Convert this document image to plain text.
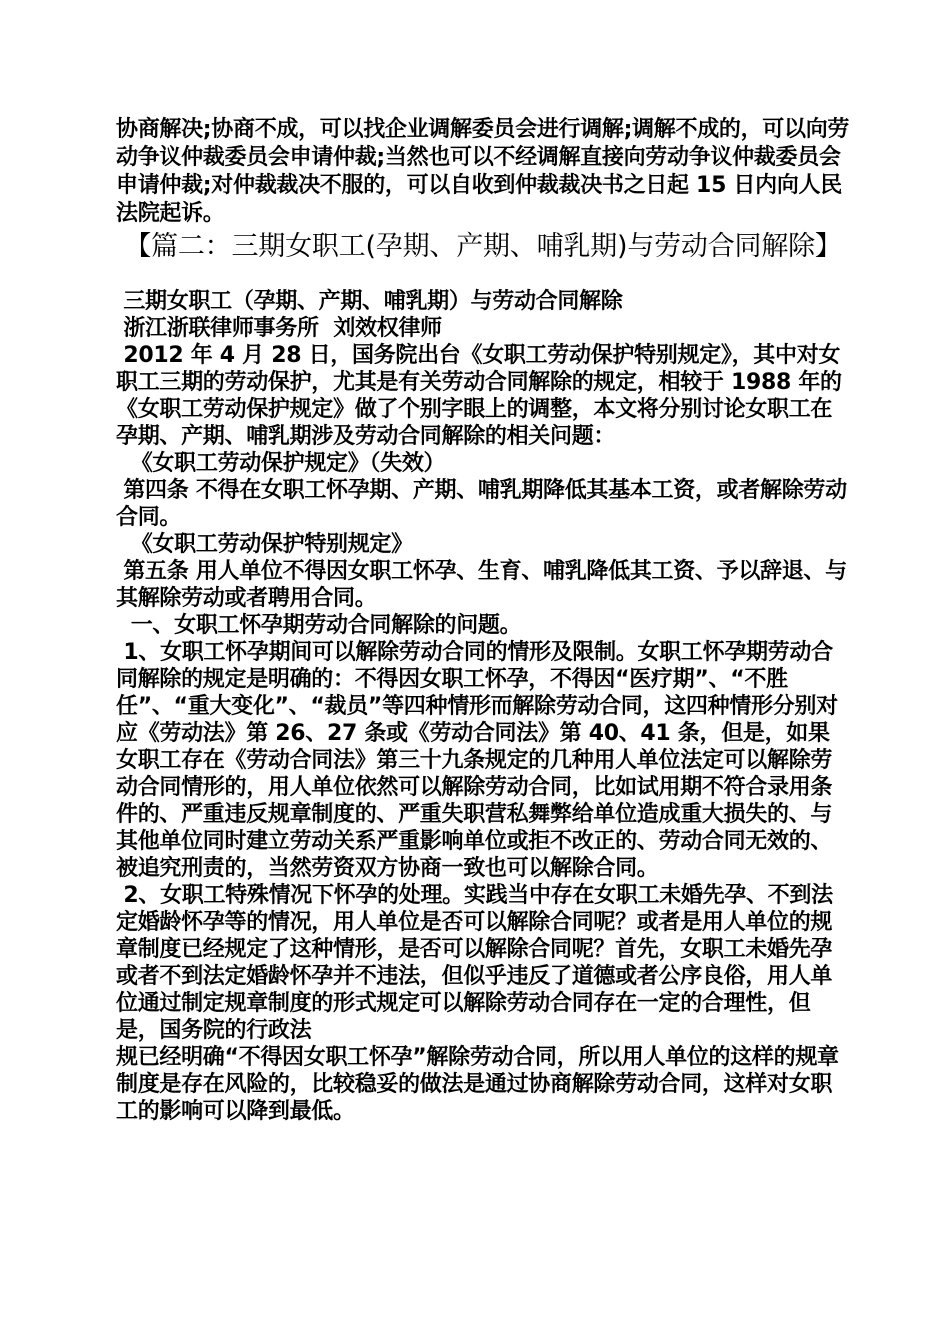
协商解决;协商不成，可以找企业调解委员会进行调解;调解不成的，可以向劳动争议仲裁委员会申请仲裁;当然也可以不经调解直接向劳动争议仲裁委员会申请仲裁;对仲裁裁决不服的，可以自收到仲裁裁决书之日起 15 日内向人民法院起诉。

【篇二：三期女职工(孕期、产期、哺乳期)与劳动合同解除】

三期女职工（孕期、产期、哺乳期）与劳动合同解除

浙江浙联律师事务所  刘效权律师

2012 年 4 月 28 日，国务院出台《女职工劳动保护特别规定》，其中对女职工三期的劳动保护，尤其是有关劳动合同解除的规定，相较于 1988 年的《女职工劳动保护规定》做了个别字眼上的调整，本文将分别讨论女职工在孕期、产期、哺乳期涉及劳动合同解除的相关问题：

《女职工劳动保护规定》（失效）

第四条 不得在女职工怀孕期、产期、哺乳期降低其基本工资，或者解除劳动合同。

《女职工劳动保护特别规定》

第五条 用人单位不得因女职工怀孕、生育、哺乳降低其工资、予以辞退、与其解除劳动或者聘用合同。

一、女职工怀孕期劳动合同解除的问题。

1、女职工怀孕期间可以解除劳动合同的情形及限制。女职工怀孕期劳动合同解除的规定是明确的：不得因女职工怀孕，不得因“医疗期”、“不胜任”、“重大变化”、“裁员”等四种情形而解除劳动合同，这四种情形分别对应《劳动法》第 26、27 条或《劳动合同法》第 40、41 条，但是，如果女职工存在《劳动合同法》第三十九条规定的几种用人单位法定可以解除劳动合同情形的，用人单位依然可以解除劳动合同，比如试用期不符合录用条件的、严重违反规章制度的、严重失职营私舞弊给单位造成重大损失的、与其他单位同时建立劳动关系严重影响单位或拒不改正的、劳动合同无效的、被追究刑责的，当然劳资双方协商一致也可以解除合同。

2、女职工特殊情况下怀孕的处理。实践当中存在女职工未婚先孕、不到法定婚龄怀孕等的情况，用人单位是否可以解除合同呢？或者是用人单位的规章制度已经规定了这种情形，是否可以解除合同呢？首先，女职工未婚先孕或者不到法定婚龄怀孕并不违法，但似乎违反了道德或者公序良俗，用人单位通过制定规章制度的形式规定可以解除劳动合同存在一定的合理性，但是，国务院的行政法

规已经明确“不得因女职工怀孕”解除劳动合同，所以用人单位的这样的规章制度是存在风险的，比较稳妥的做法是通过协商解除劳动合同，这样对女职工的影响可以降到最低。
